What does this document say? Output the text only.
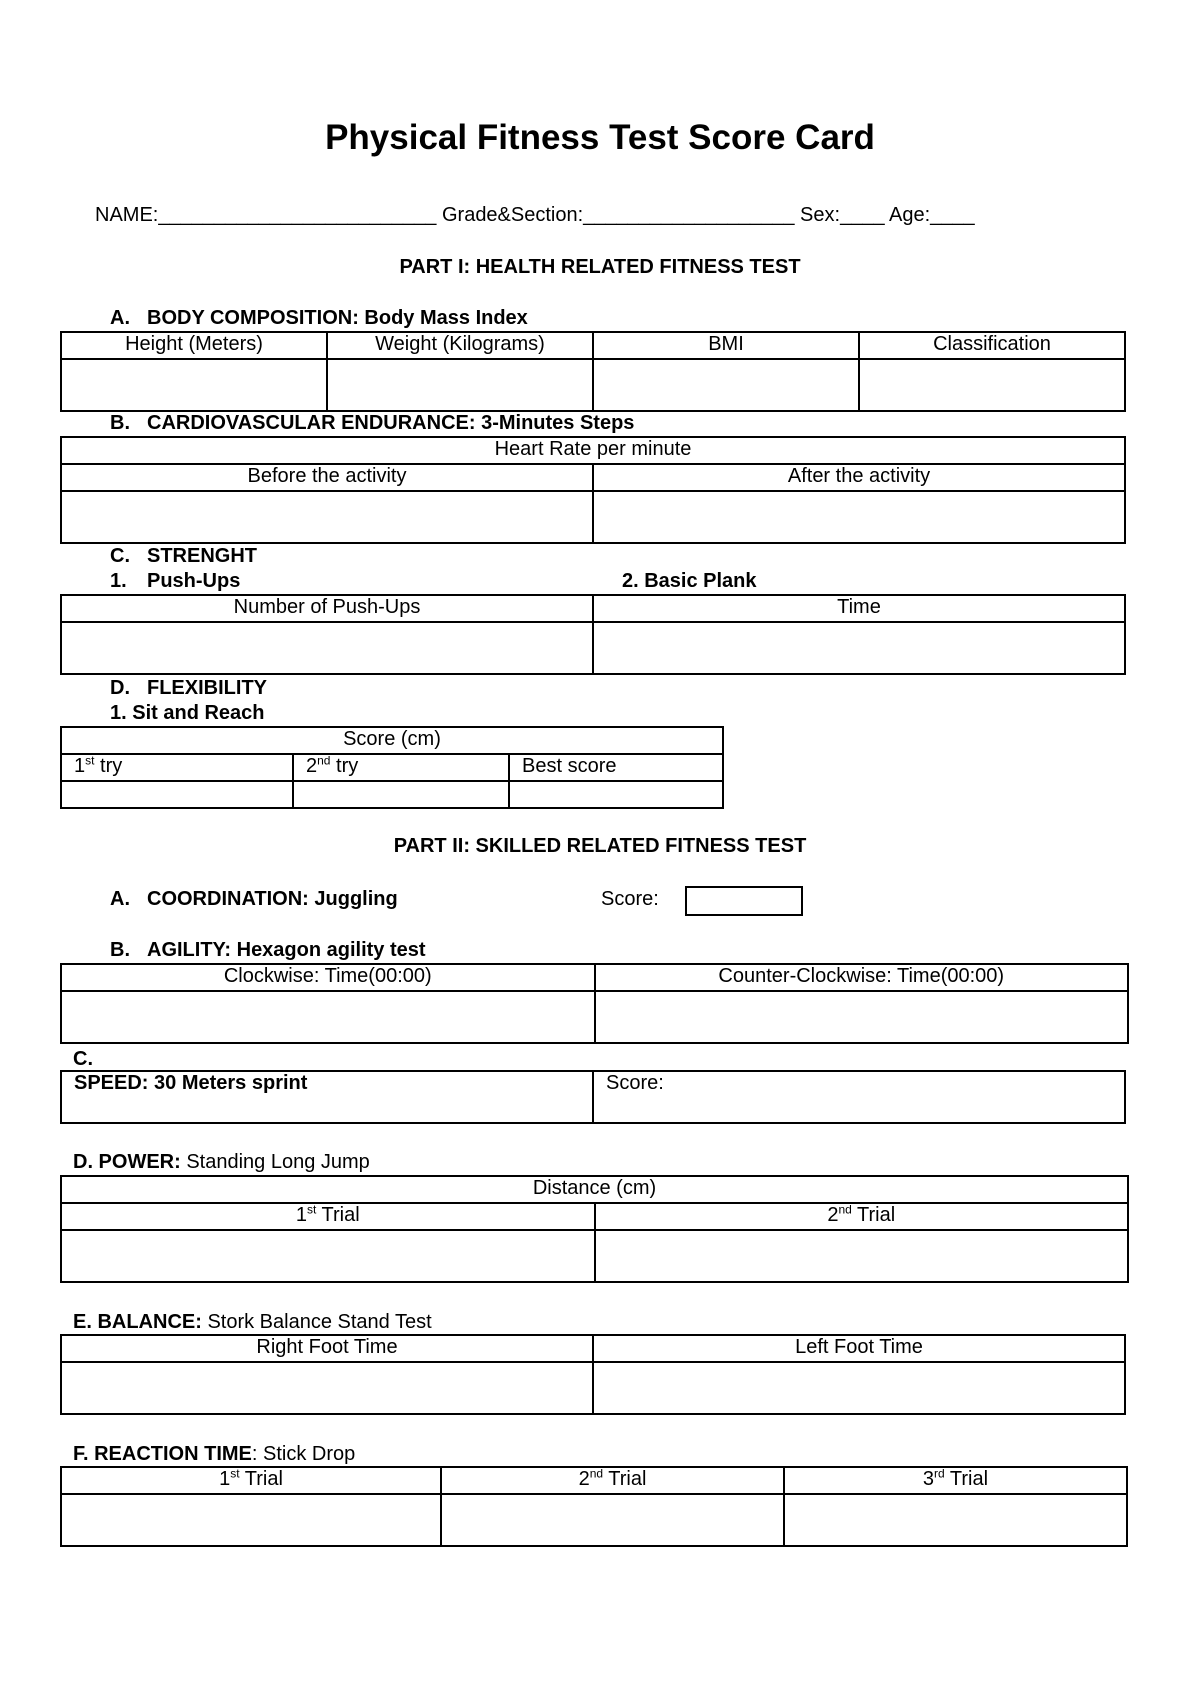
Physical Fitness Test Score Card
NAME:_________________________ Grade&Section:___________________ Sex:____ Age:____
PART I: HEALTH RELATED FITNESS TEST
A. BODY COMPOSITION: Body Mass Index
Height (Meters)	Weight (Kilograms)	BMI	Classification

B. CARDIOVASCULAR ENDURANCE: 3-Minutes Steps
Heart Rate per minute	
Before the activity	After the activity

C. STRENGHT
1. Push-Ups	2. Basic Plank
Number of Push-Ups	Time

D. FLEXIBILITY
1. Sit and Reach
Score (cm)		
1st try	2nd try	Best score

PART II: SKILLED RELATED FITNESS TEST
A. COORDINATION: Juggling	Score:
B. AGILITY: Hexagon agility test
Clockwise: Time(00:00)	Counter-Clockwise: Time(00:00)

C.
SPEED: 30 Meters sprint	Score:
D. POWER: Standing Long Jump
Distance (cm)	
1st Trial	2nd Trial

E. BALANCE: Stork Balance Stand Test
Right Foot Time	Left Foot Time

F. REACTION TIME: Stick Drop
1st Trial	2nd Trial	3rd Trial
